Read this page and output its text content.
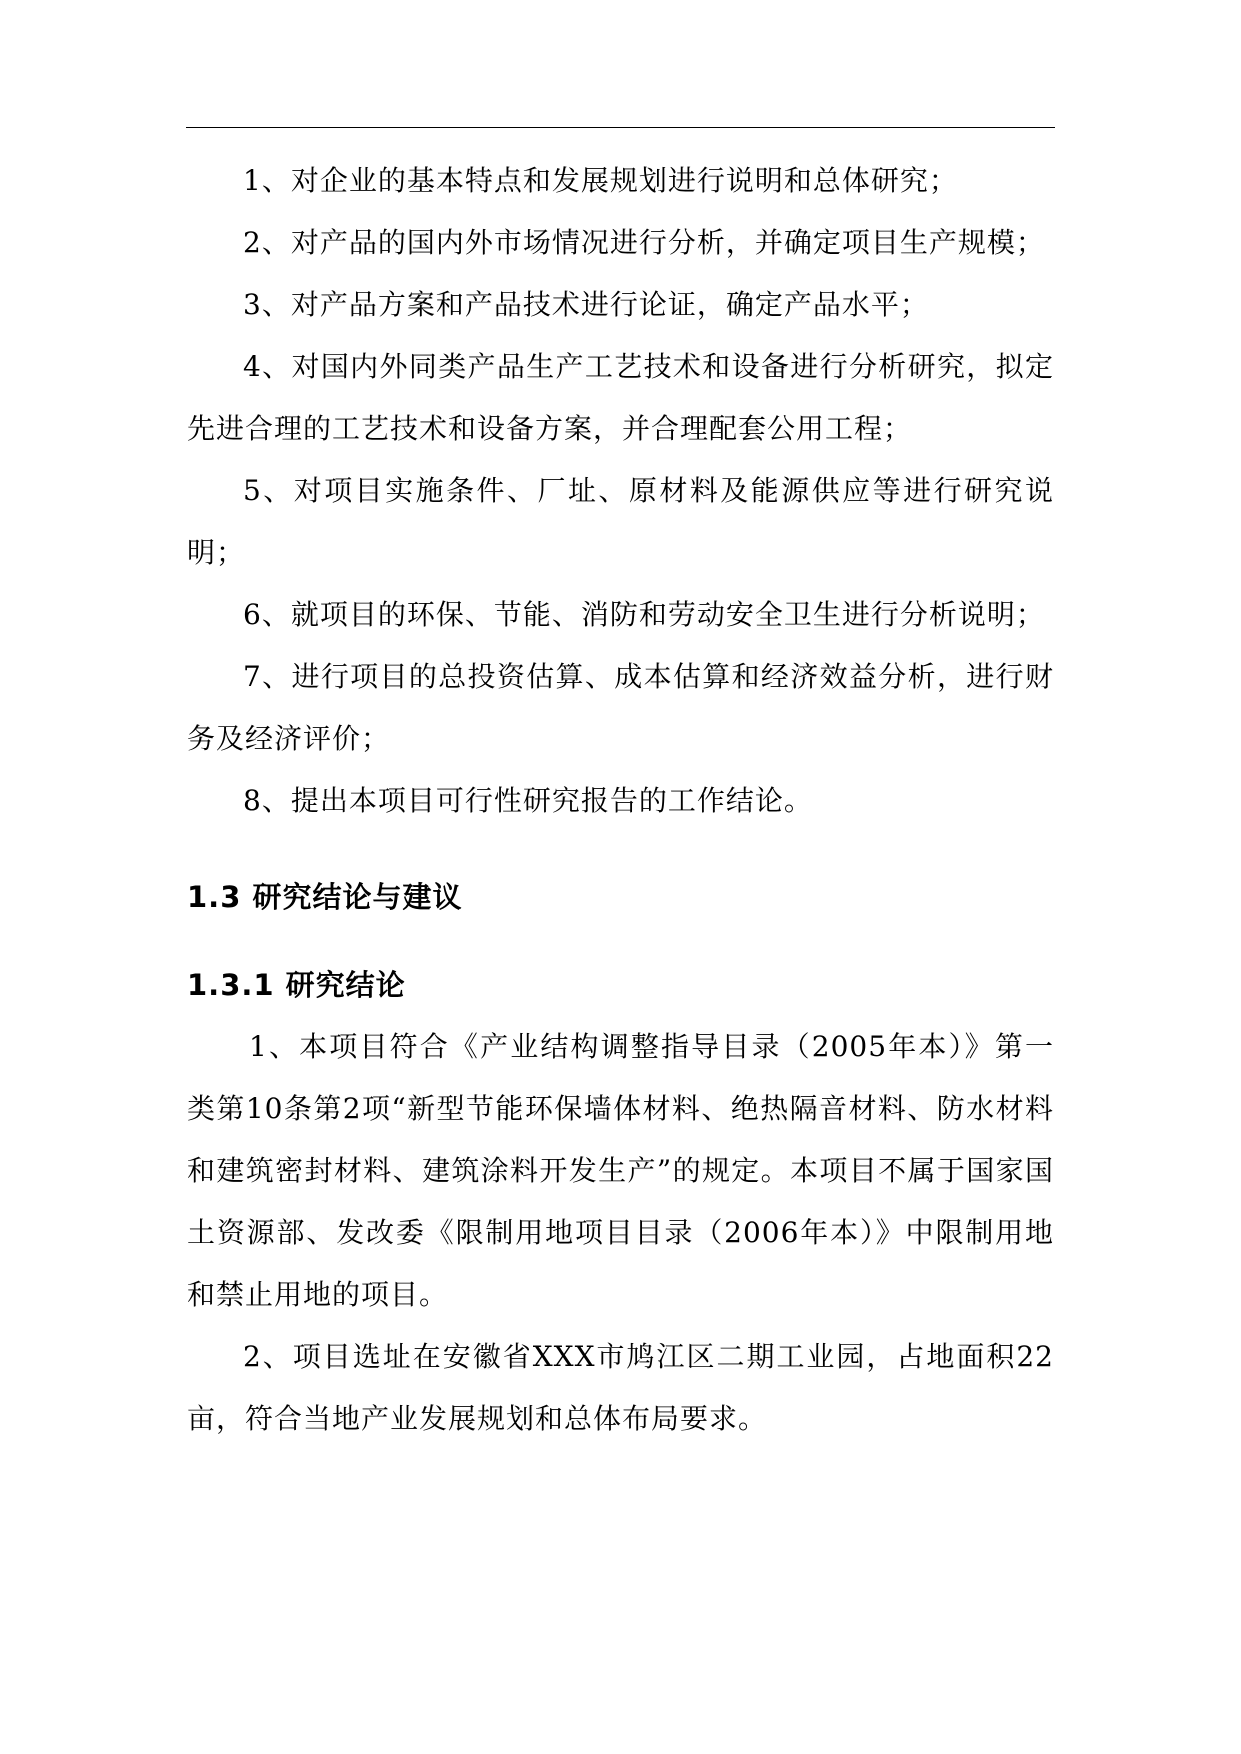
1、对企业的基本特点和发展规划进行说明和总体研究；

2、对产品的国内外市场情况进行分析，并确定项目生产规模；

3、对产品方案和产品技术进行论证，确定产品水平；

4、对国内外同类产品生产工艺技术和设备进行分析研究，拟定先进合理的工艺技术和设备方案，并合理配套公用工程；

5、对项目实施条件、厂址、原材料及能源供应等进行研究说明；

6、就项目的环保、节能、消防和劳动安全卫生进行分析说明；

7、进行项目的总投资估算、成本估算和经济效益分析，进行财务及经济评价；

8、提出本项目可行性研究报告的工作结论。

1.3 研究结论与建议
1.3.1 研究结论

1、本项目符合《产业结构调整指导目录（2005年本）》第一类第10条第2项“新型节能环保墙体材料、绝热隔音材料、防水材料和建筑密封材料、建筑涂料开发生产”的规定。本项目不属于国家国土资源部、发改委《限制用地项目目录（2006年本）》中限制用地和禁止用地的项目。

2、项目选址在安徽省XXX市鸠江区二期工业园，占地面积22亩，符合当地产业发展规划和总体布局要求。
